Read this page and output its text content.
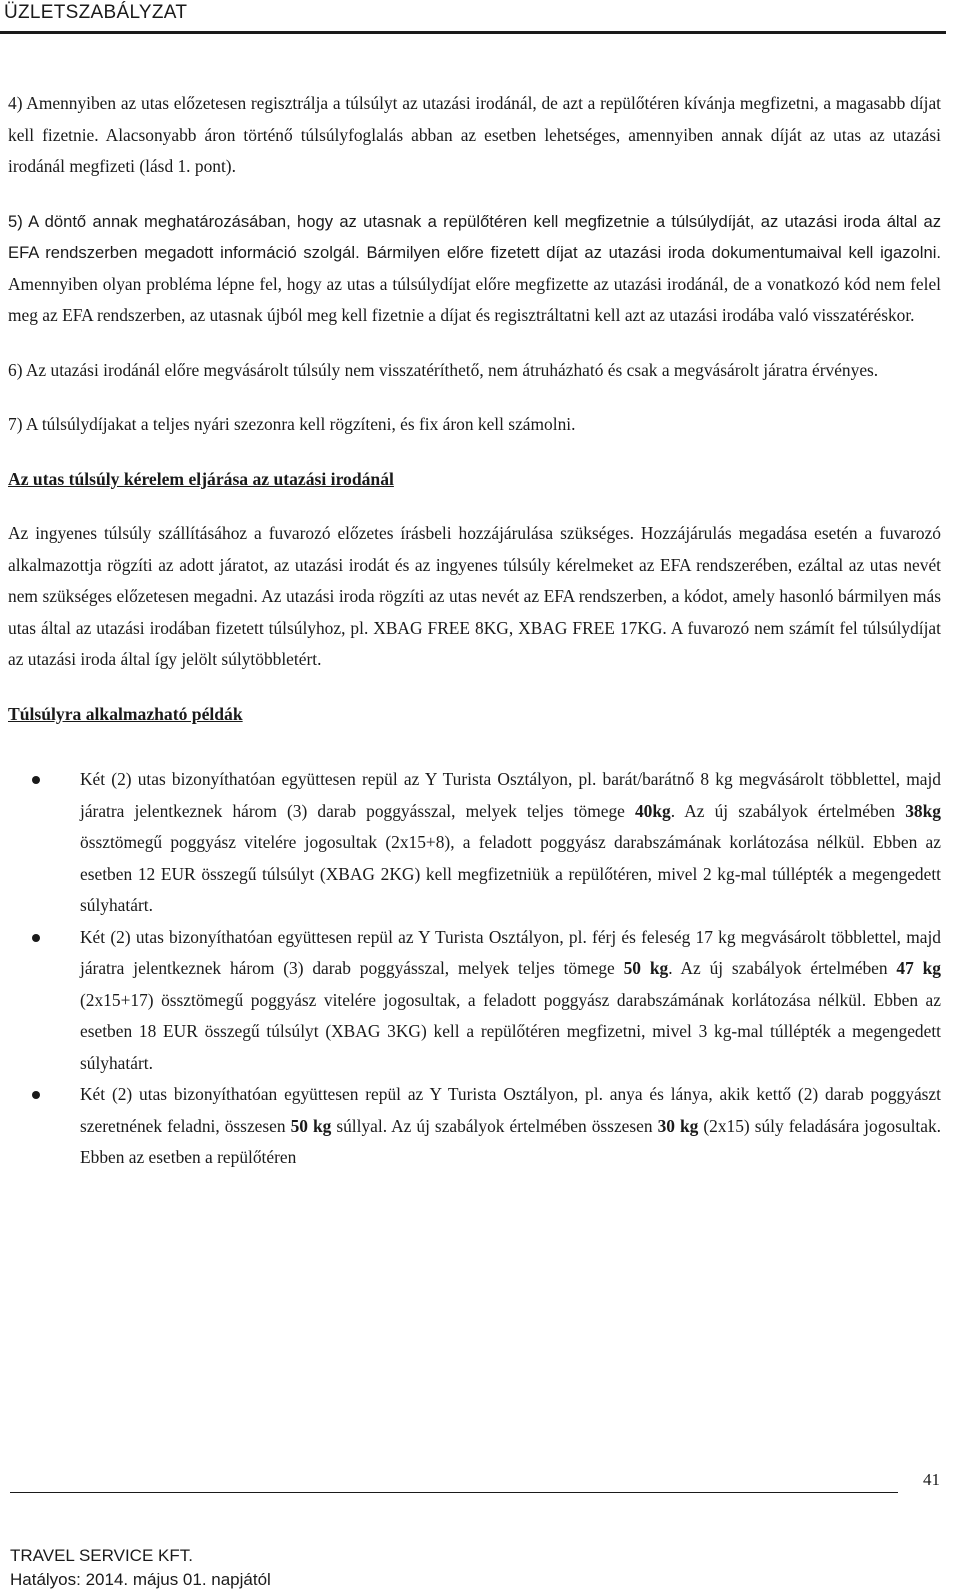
ÜZLETSZABÁLYZAT

4) Amennyiben az utas előzetesen regisztrálja a túlsúlyt az utazási irodánál, de azt a repülőtéren kívánja megfizetni, a magasabb díjat kell fizetnie. Alacsonyabb áron történő túlsúlyfoglalás abban az esetben lehetséges, amennyiben annak díját az utas az utazási irodánál megfizeti (lásd 1. pont).

5) A döntő annak meghatározásában, hogy az utasnak a repülőtéren kell megfizetnie a túlsúlydíját, az utazási iroda által az EFA rendszerben megadott információ szolgál. Bármilyen előre fizetett díjat az utazási iroda dokumentumaival kell igazolni. Amennyiben olyan probléma lépne fel, hogy az utas a túlsúlydíjat előre megfizette az utazási irodánál, de a vonatkozó kód nem felel meg az EFA rendszerben, az utasnak újból meg kell fizetnie a díjat és regisztráltatni kell azt az utazási irodába való visszatéréskor.

6) Az utazási irodánál előre megvásárolt túlsúly nem visszatéríthető, nem átruházható és csak a megvásárolt járatra érvényes.

7) A túlsúlydíjakat a teljes nyári szezonra kell rögzíteni, és fix áron kell számolni.

Az utas túlsúly kérelem eljárása az utazási irodánál

Az ingyenes túlsúly szállításához a fuvarozó előzetes írásbeli hozzájárulása szükséges. Hozzájárulás megadása esetén a fuvarozó alkalmazottja rögzíti az adott járatot, az utazási irodát és az ingyenes túlsúly kérelmeket az EFA rendszerében, ezáltal az utas nevét nem szükséges előzetesen megadni. Az utazási iroda rögzíti az utas nevét az EFA rendszerben, a kódot, amely hasonló bármilyen más utas által az utazási irodában fizetett túlsúlyhoz, pl. XBAG FREE 8KG, XBAG FREE 17KG. A fuvarozó nem számít fel túlsúlydíjat az utazási iroda által így jelölt súlytöbbletért.

Túlsúlyra alkalmazható példák
Két (2) utas bizonyíthatóan együttesen repül az Y Turista Osztályon, pl. barát/barátnő 8 kg megvásárolt többlettel, majd járatra jelentkeznek három (3) darab poggyásszal, melyek teljes tömege 40kg. Az új szabályok értelmében 38kg össztömegű poggyász vitelére jogosultak (2x15+8), a feladott poggyász darabszámának korlátozása nélkül. Ebben az esetben 12 EUR összegű túlsúlyt (XBAG 2KG) kell megfizetniük a repülőtéren, mivel 2 kg-mal túllépték a megengedett súlyhatárt.
Két (2) utas bizonyíthatóan együttesen repül az Y Turista Osztályon, pl. férj és feleség 17 kg megvásárolt többlettel, majd járatra jelentkeznek három (3) darab poggyásszal, melyek teljes tömege 50 kg. Az új szabályok értelmében 47 kg (2x15+17) össztömegű poggyász vitelére jogosultak, a feladott poggyász darabszámának korlátozása nélkül. Ebben az esetben 18 EUR összegű túlsúlyt (XBAG 3KG) kell a repülőtéren megfizetni, mivel 3 kg-mal túllépték a megengedett súlyhatárt.
Két (2) utas bizonyíthatóan együttesen repül az Y Turista Osztályon, pl. anya és lánya, akik kettő (2) darab poggyászt szeretnének feladni, összesen 50 kg súllyal. Az új szabályok értelmében összesen 30 kg (2x15) súly feladására jogosultak. Ebben az esetben a repülőtéren
41
TRAVEL SERVICE KFT.
Hatályos: 2014. május 01. napjától
